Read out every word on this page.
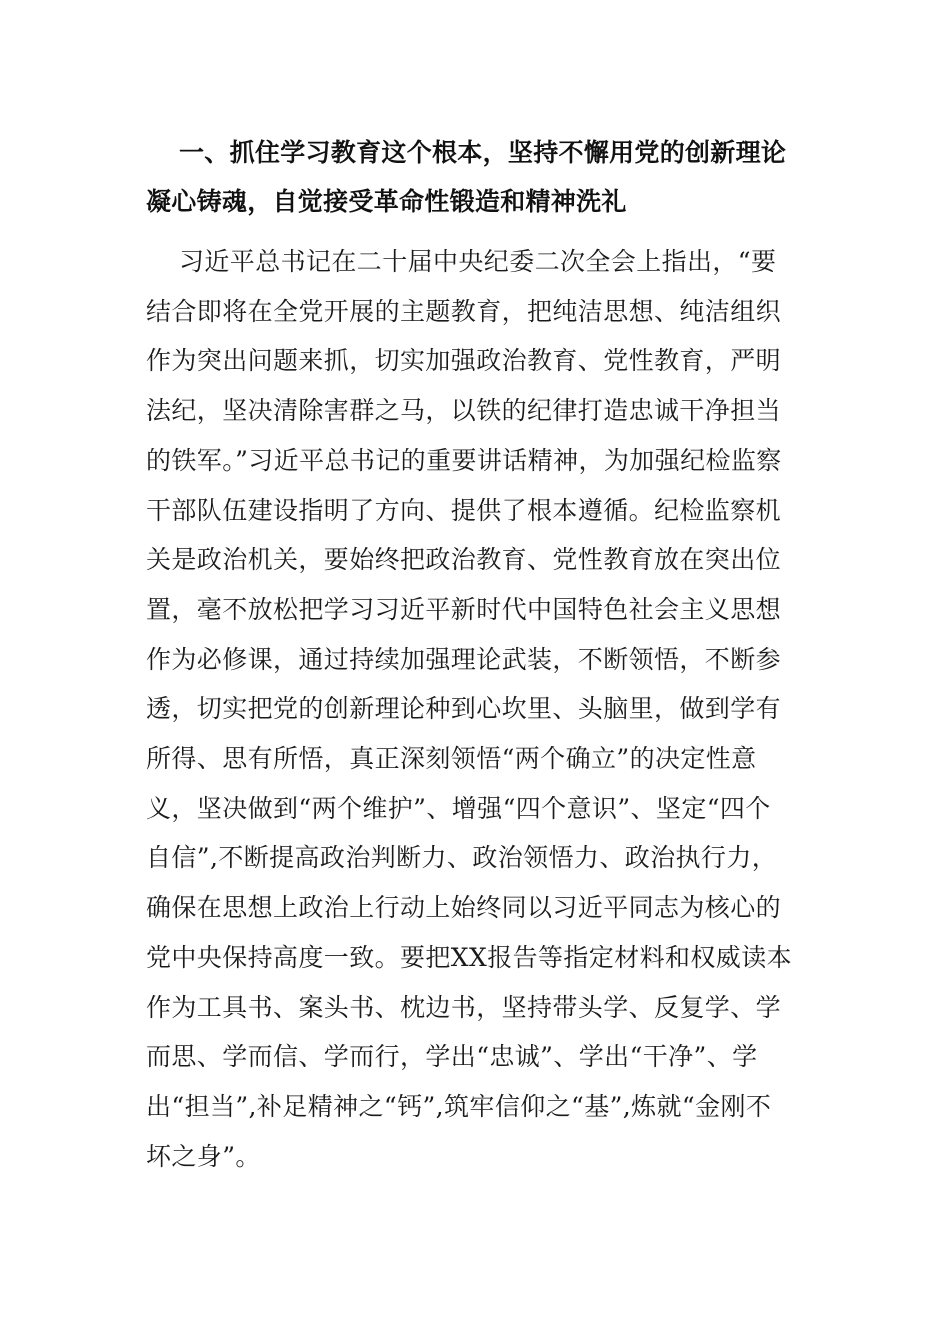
一、抓住学习教育这个根本，坚持不懈用党的创新理论凝心铸魂，自觉接受革命性锻造和精神洗礼

习近平总书记在二十届中央纪委二次全会上指出，“要结合即将在全党开展的主题教育，把纯洁思想、纯洁组织作为突出问题来抓，切实加强政治教育、党性教育，严明法纪，坚决清除害群之马，以铁的纪律打造忠诚干净担当的铁军。”习近平总书记的重要讲话精神，为加强纪检监察干部队伍建设指明了方向、提供了根本遵循。纪检监察机关是政治机关，要始终把政治教育、党性教育放在突出位置，毫不放松把学习习近平新时代中国特色社会主义思想作为必修课，通过持续加强理论武装，不断领悟，不断参透，切实把党的创新理论种到心坎里、头脑里，做到学有所得、思有所悟，真正深刻领悟“两个确立”的决定性意义，坚决做到“两个维护”、增强“四个意识”、坚定“四个自信”,不断提高政治判断力、政治领悟力、政治执行力，确保在思想上政治上行动上始终同以习近平同志为核心的党中央保持高度一致。要把XX报告等指定材料和权威读本作为工具书、案头书、枕边书，坚持带头学、反复学、学而思、学而信、学而行，学出“忠诚”、学出“干净”、学出“担当”,补足精神之“钙”,筑牢信仰之“基”,炼就“金刚不坏之身”。
